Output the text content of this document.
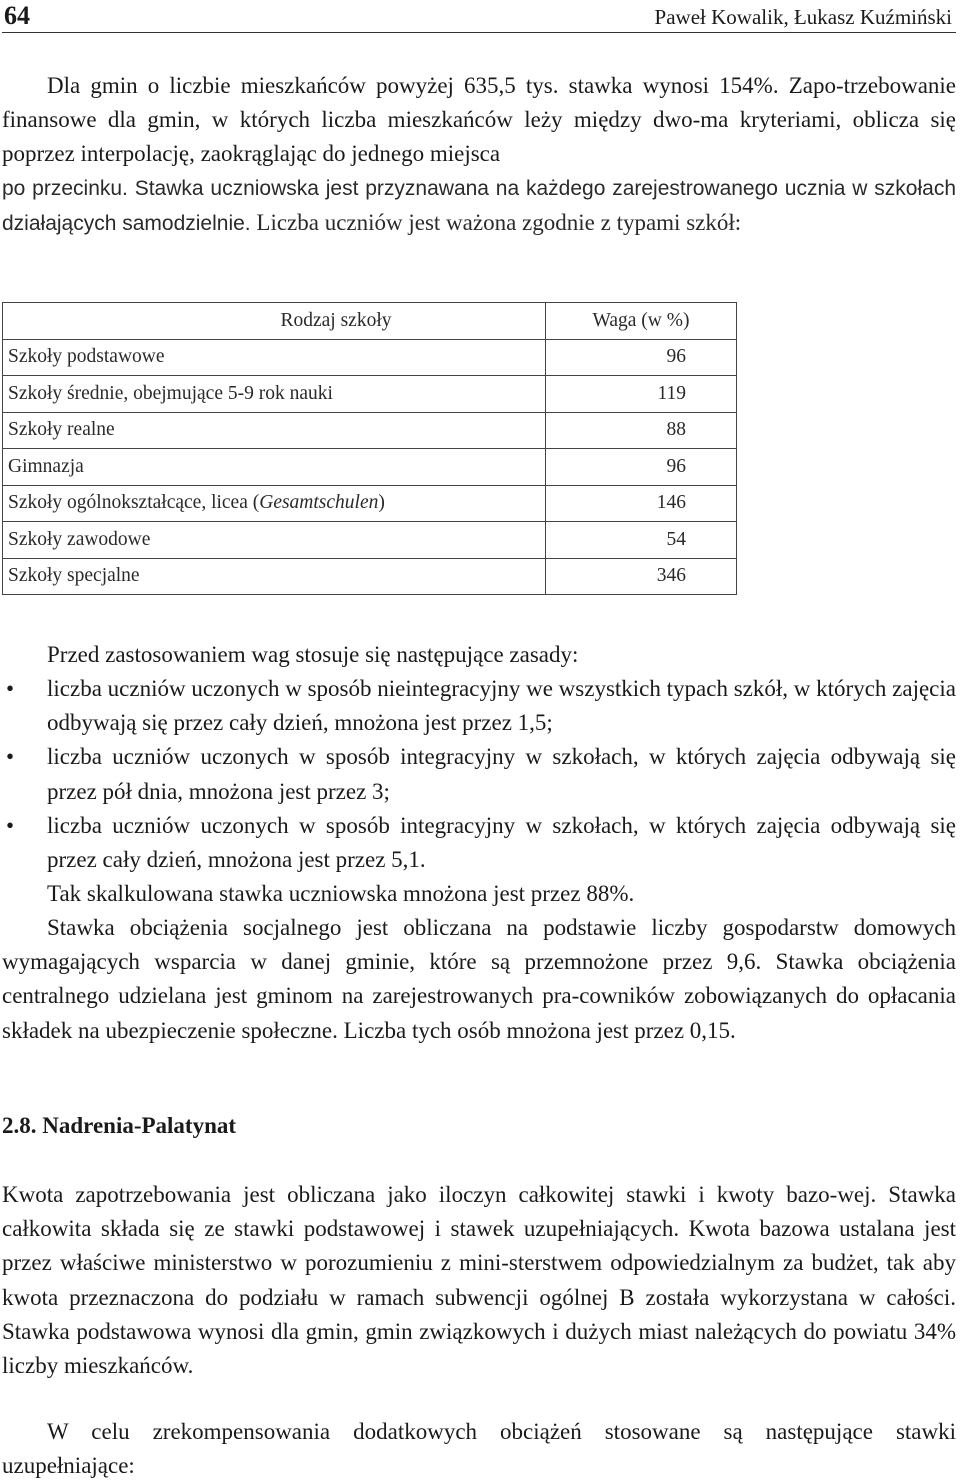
64	Paweł Kowalik, Łukasz Kuźmiński

Dla gmin o liczbie mieszkańców powyżej 635,5 tys. stawka wynosi 154%. Zapo-trzebowanie finansowe dla gmin, w których liczba mieszkańców leży między dwo-ma kryteriami, oblicza się poprzez interpolację, zaokrąglając do jednego miejsca

po przecinku. Stawka uczniowska jest przyznawana na każdego zarejestrowanego ucznia w szkołach działających samodzielnie. Liczba uczniów jest ważona zgodnie z typami szkół:

Rodzaj szkoły	Waga (w %)
Szkoły podstawowe	96
Szkoły średnie, obejmujące 5-9 rok nauki	119
Szkoły realne	88
Gimnazja	96
Szkoły ogólnokształcące, licea (Gesamtschulen)	146
Szkoły zawodowe	54
Szkoły specjalne	346

Przed zastosowaniem wag stosuje się następujące zasady:

• liczba uczniów uczonych w sposób nieintegracyjny we wszystkich typach szkół, w których zajęcia odbywają się przez cały dzień, mnożona jest przez 1,5;
• liczba uczniów uczonych w sposób integracyjny w szkołach, w których zajęcia odbywają się przez pół dnia, mnożona jest przez 3;
• liczba uczniów uczonych w sposób integracyjny w szkołach, w których zajęcia odbywają się przez cały dzień, mnożona jest przez 5,1.

Tak skalkulowana stawka uczniowska mnożona jest przez 88%.

Stawka obciążenia socjalnego jest obliczana na podstawie liczby gospodarstw domowych wymagających wsparcia w danej gminie, które są przemnożone przez 9,6. Stawka obciążenia centralnego udzielana jest gminom na zarejestrowanych pra-cowników zobowiązanych do opłacania składek na ubezpieczenie społeczne. Liczba tych osób mnożona jest przez 0,15.

2.8. Nadrenia-Palatynat

Kwota zapotrzebowania jest obliczana jako iloczyn całkowitej stawki i kwoty bazo-wej. Stawka całkowita składa się ze stawki podstawowej i stawek uzupełniających. Kwota bazowa ustalana jest przez właściwe ministerstwo w porozumieniu z mini-sterstwem odpowiedzialnym za budżet, tak aby kwota przeznaczona do podziału w ramach subwencji ogólnej B została wykorzystana w całości. Stawka podstawowa wynosi dla gmin, gmin związkowych i dużych miast należących do powiatu 34% liczby mieszkańców.

W celu zrekompensowania dodatkowych obciążeń stosowane są następujące stawki uzupełniające:
